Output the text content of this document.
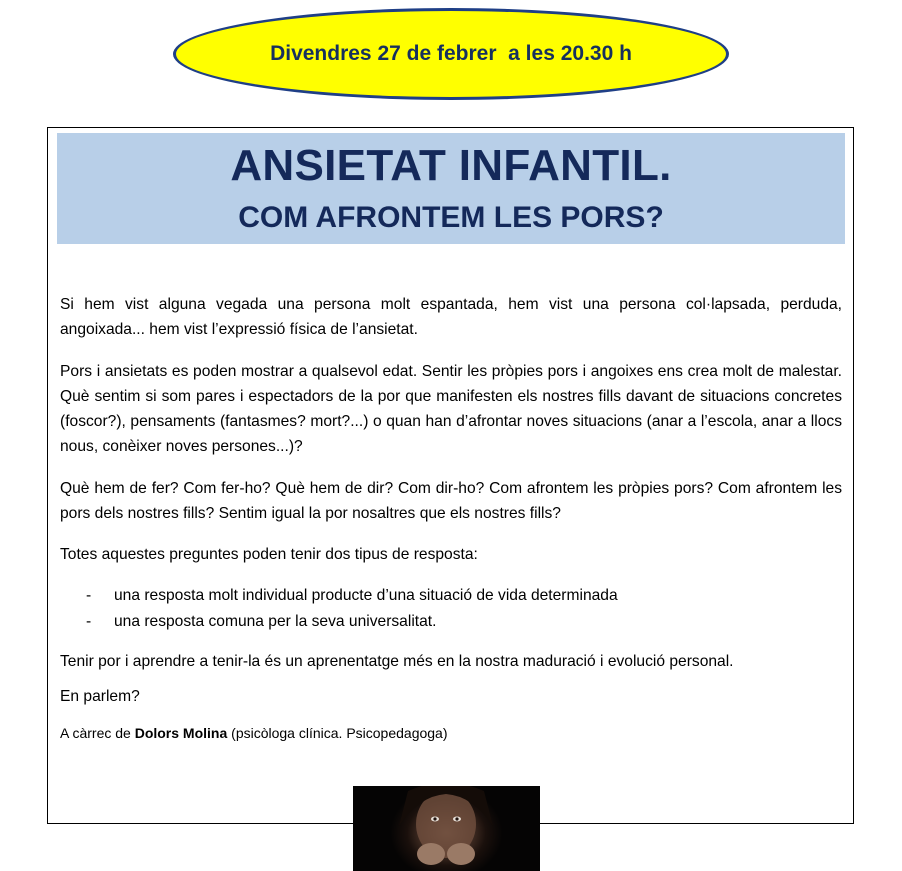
Divendres 27 de febrer  a les 20.30 h
ANSIETAT INFANTIL.
COM AFRONTEM LES PORS?

Si hem vist alguna vegada una persona molt espantada, hem vist una persona col·lapsada, perduda, angoixada... hem vist l’expressió física de l’ansietat.

Pors i ansietats es poden mostrar a qualsevol edat. Sentir les pròpies pors i angoixes ens crea molt de malestar. Què sentim si som pares i espectadors de la por que manifesten els nostres fills davant de situacions concretes (foscor?), pensaments (fantasmes? mort?...) o quan han d’afrontar noves situacions (anar a l’escola, anar a llocs nous, conèixer noves persones...)?

Què hem de fer? Com fer-ho? Què hem de dir? Com dir-ho? Com afrontem les pròpies pors? Com afrontem les pors dels nostres fills? Sentim igual la por nosaltres que els nostres fills?

Totes aquestes preguntes poden tenir dos tipus de resposta:

- una resposta molt individual producte d’una situació de vida determinada
- una resposta comuna per la seva universalitat.

Tenir por i aprendre a tenir-la és un aprenentatge més en la nostra maduració i evolució personal.

En parlem?

A càrrec de Dolors Molina (psicòloga clínica. Psicopedagoga)
